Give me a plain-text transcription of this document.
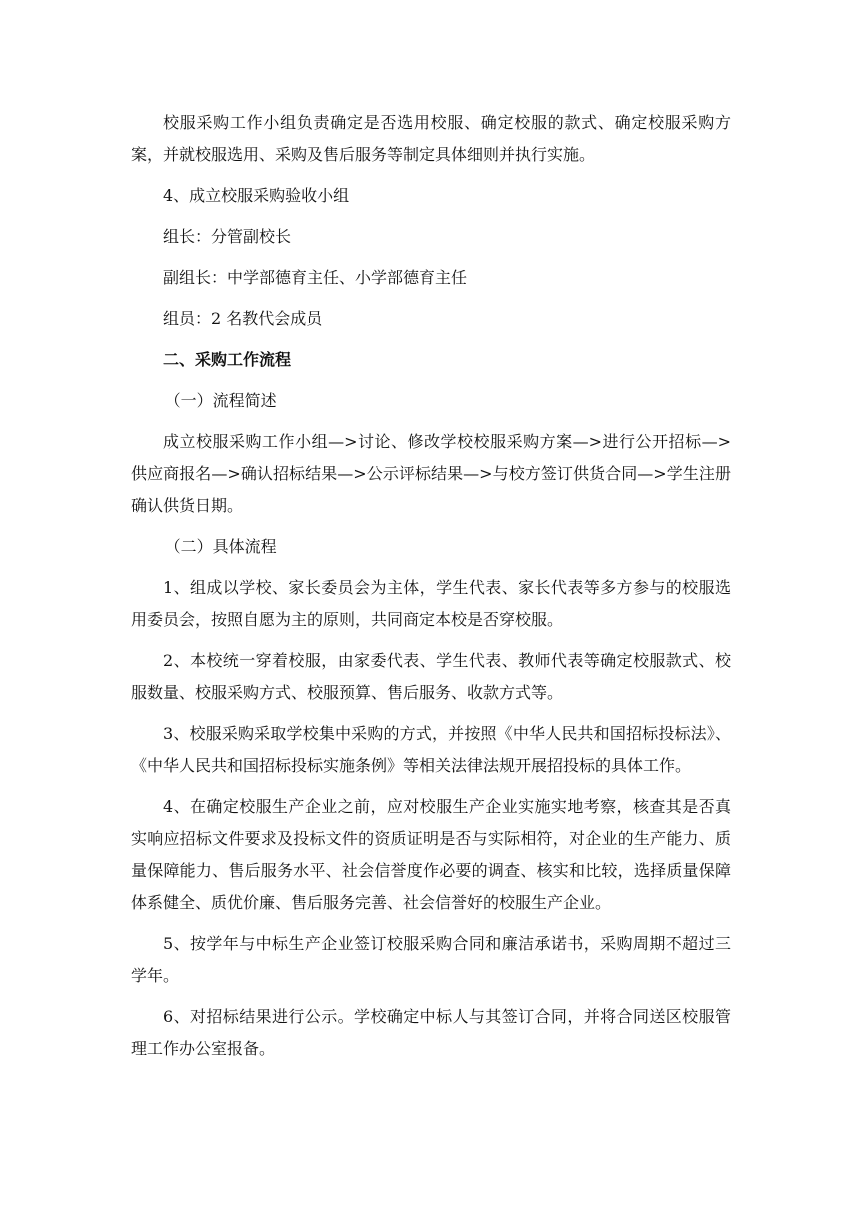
校服采购工作小组负责确定是否选用校服、确定校服的款式、确定校服采购方案，并就校服选用、采购及售后服务等制定具体细则并执行实施。

4、成立校服采购验收小组

组长：分管副校长

副组长：中学部德育主任、小学部德育主任

组员：2 名教代会成员

二、采购工作流程

（一）流程简述

成立校服采购工作小组—>讨论、修改学校校服采购方案—>进行公开招标—>供应商报名—>确认招标结果—>公示评标结果—>与校方签订供货合同—>学生注册确认供货日期。

（二）具体流程

1、组成以学校、家长委员会为主体，学生代表、家长代表等多方参与的校服选用委员会，按照自愿为主的原则，共同商定本校是否穿校服。

2、本校统一穿着校服，由家委代表、学生代表、教师代表等确定校服款式、校服数量、校服采购方式、校服预算、售后服务、收款方式等。

3、校服采购采取学校集中采购的方式，并按照《中华人民共和国招标投标法》、《中华人民共和国招标投标实施条例》等相关法律法规开展招投标的具体工作。

4、在确定校服生产企业之前，应对校服生产企业实施实地考察，核查其是否真实响应招标文件要求及投标文件的资质证明是否与实际相符，对企业的生产能力、质量保障能力、售后服务水平、社会信誉度作必要的调查、核实和比较，选择质量保障体系健全、质优价廉、售后服务完善、社会信誉好的校服生产企业。

5、按学年与中标生产企业签订校服采购合同和廉洁承诺书，采购周期不超过三学年。

6、对招标结果进行公示。学校确定中标人与其签订合同，并将合同送区校服管理工作办公室报备。
